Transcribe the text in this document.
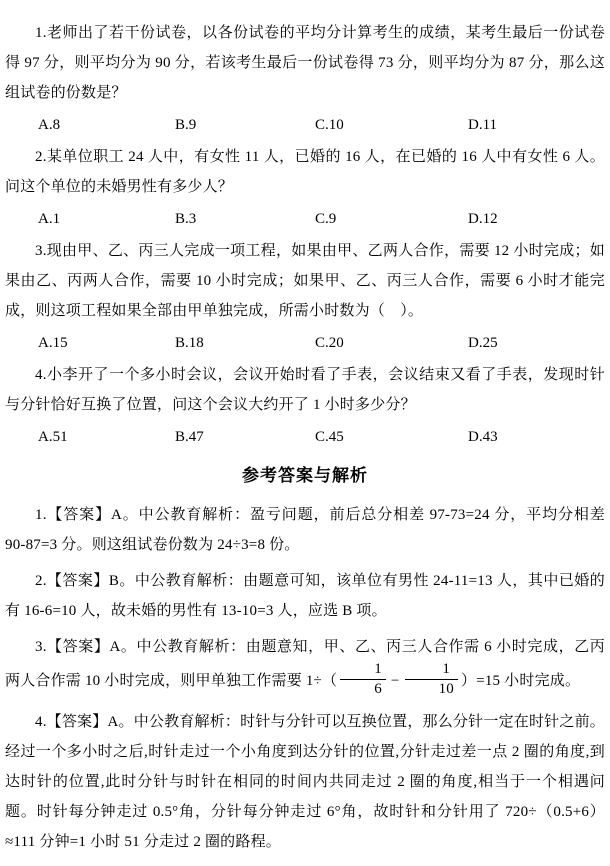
1.老师出了若干份试卷，以各份试卷的平均分计算考生的成绩，某考生最后一份试卷得 97 分，则平均分为 90 分，若该考生最后一份试卷得 73 分，则平均分为 87 分，那么这组试卷的份数是？

A.8	B.9	C.10	D.11

2.某单位职工 24 人中，有女性 11 人，已婚的 16 人，在已婚的 16 人中有女性 6 人。问这个单位的未婚男性有多少人？

A.1	B.3	C.9	D.12

3.现由甲、乙、丙三人完成一项工程，如果由甲、乙两人合作，需要 12 小时完成；如果由乙、丙两人合作，需要 10 小时完成；如果甲、乙、丙三人合作，需要 6 小时才能完成，则这项工程如果全部由甲单独完成，所需小时数为（　）。

A.15	B.18	C.20	D.25

4.小李开了一个多小时会议，会议开始时看了手表，会议结束又看了手表，发现时针与分针恰好互换了位置，问这个会议大约开了 1 小时多少分？

A.51	B.47	C.45	D.43
参考答案与解析

1.【答案】A。中公教育解析：盈亏问题，前后总分相差 97-73=24 分，平均分相差 90-87=3 分。则这组试卷份数为 24÷3=8 份。

2.【答案】B。中公教育解析：由题意可知，该单位有男性 24-11=13 人，其中已婚的有 16-6=10 人，故未婚的男性有 13-10=3 人，应选 B 项。

3.【答案】A。中公教育解析：由题意知，甲、乙、丙三人合作需 6 小时完成，乙丙两人合作需 10 小时完成，则甲单独工作需要 $1\div( \frac{1}{6} - \frac{1}{10} )=15$ 小时完成。

4.【答案】A。中公教育解析：时针与分针可以互换位置，那么分针一定在时针之前。经过一个多小时之后,时针走过一个小角度到达分针的位置,分针走过差一点 2 圈的角度,到达时针的位置,此时分针与时针在相同的时间内共同走过 2 圈的角度,相当于一个相遇问题。时针每分钟走过 0.5°角，分针每分钟走过 6°角，故时针和分针用了 720÷（0.5+6）≈111 分钟=1 小时 51 分走过 2 圈的路程。
